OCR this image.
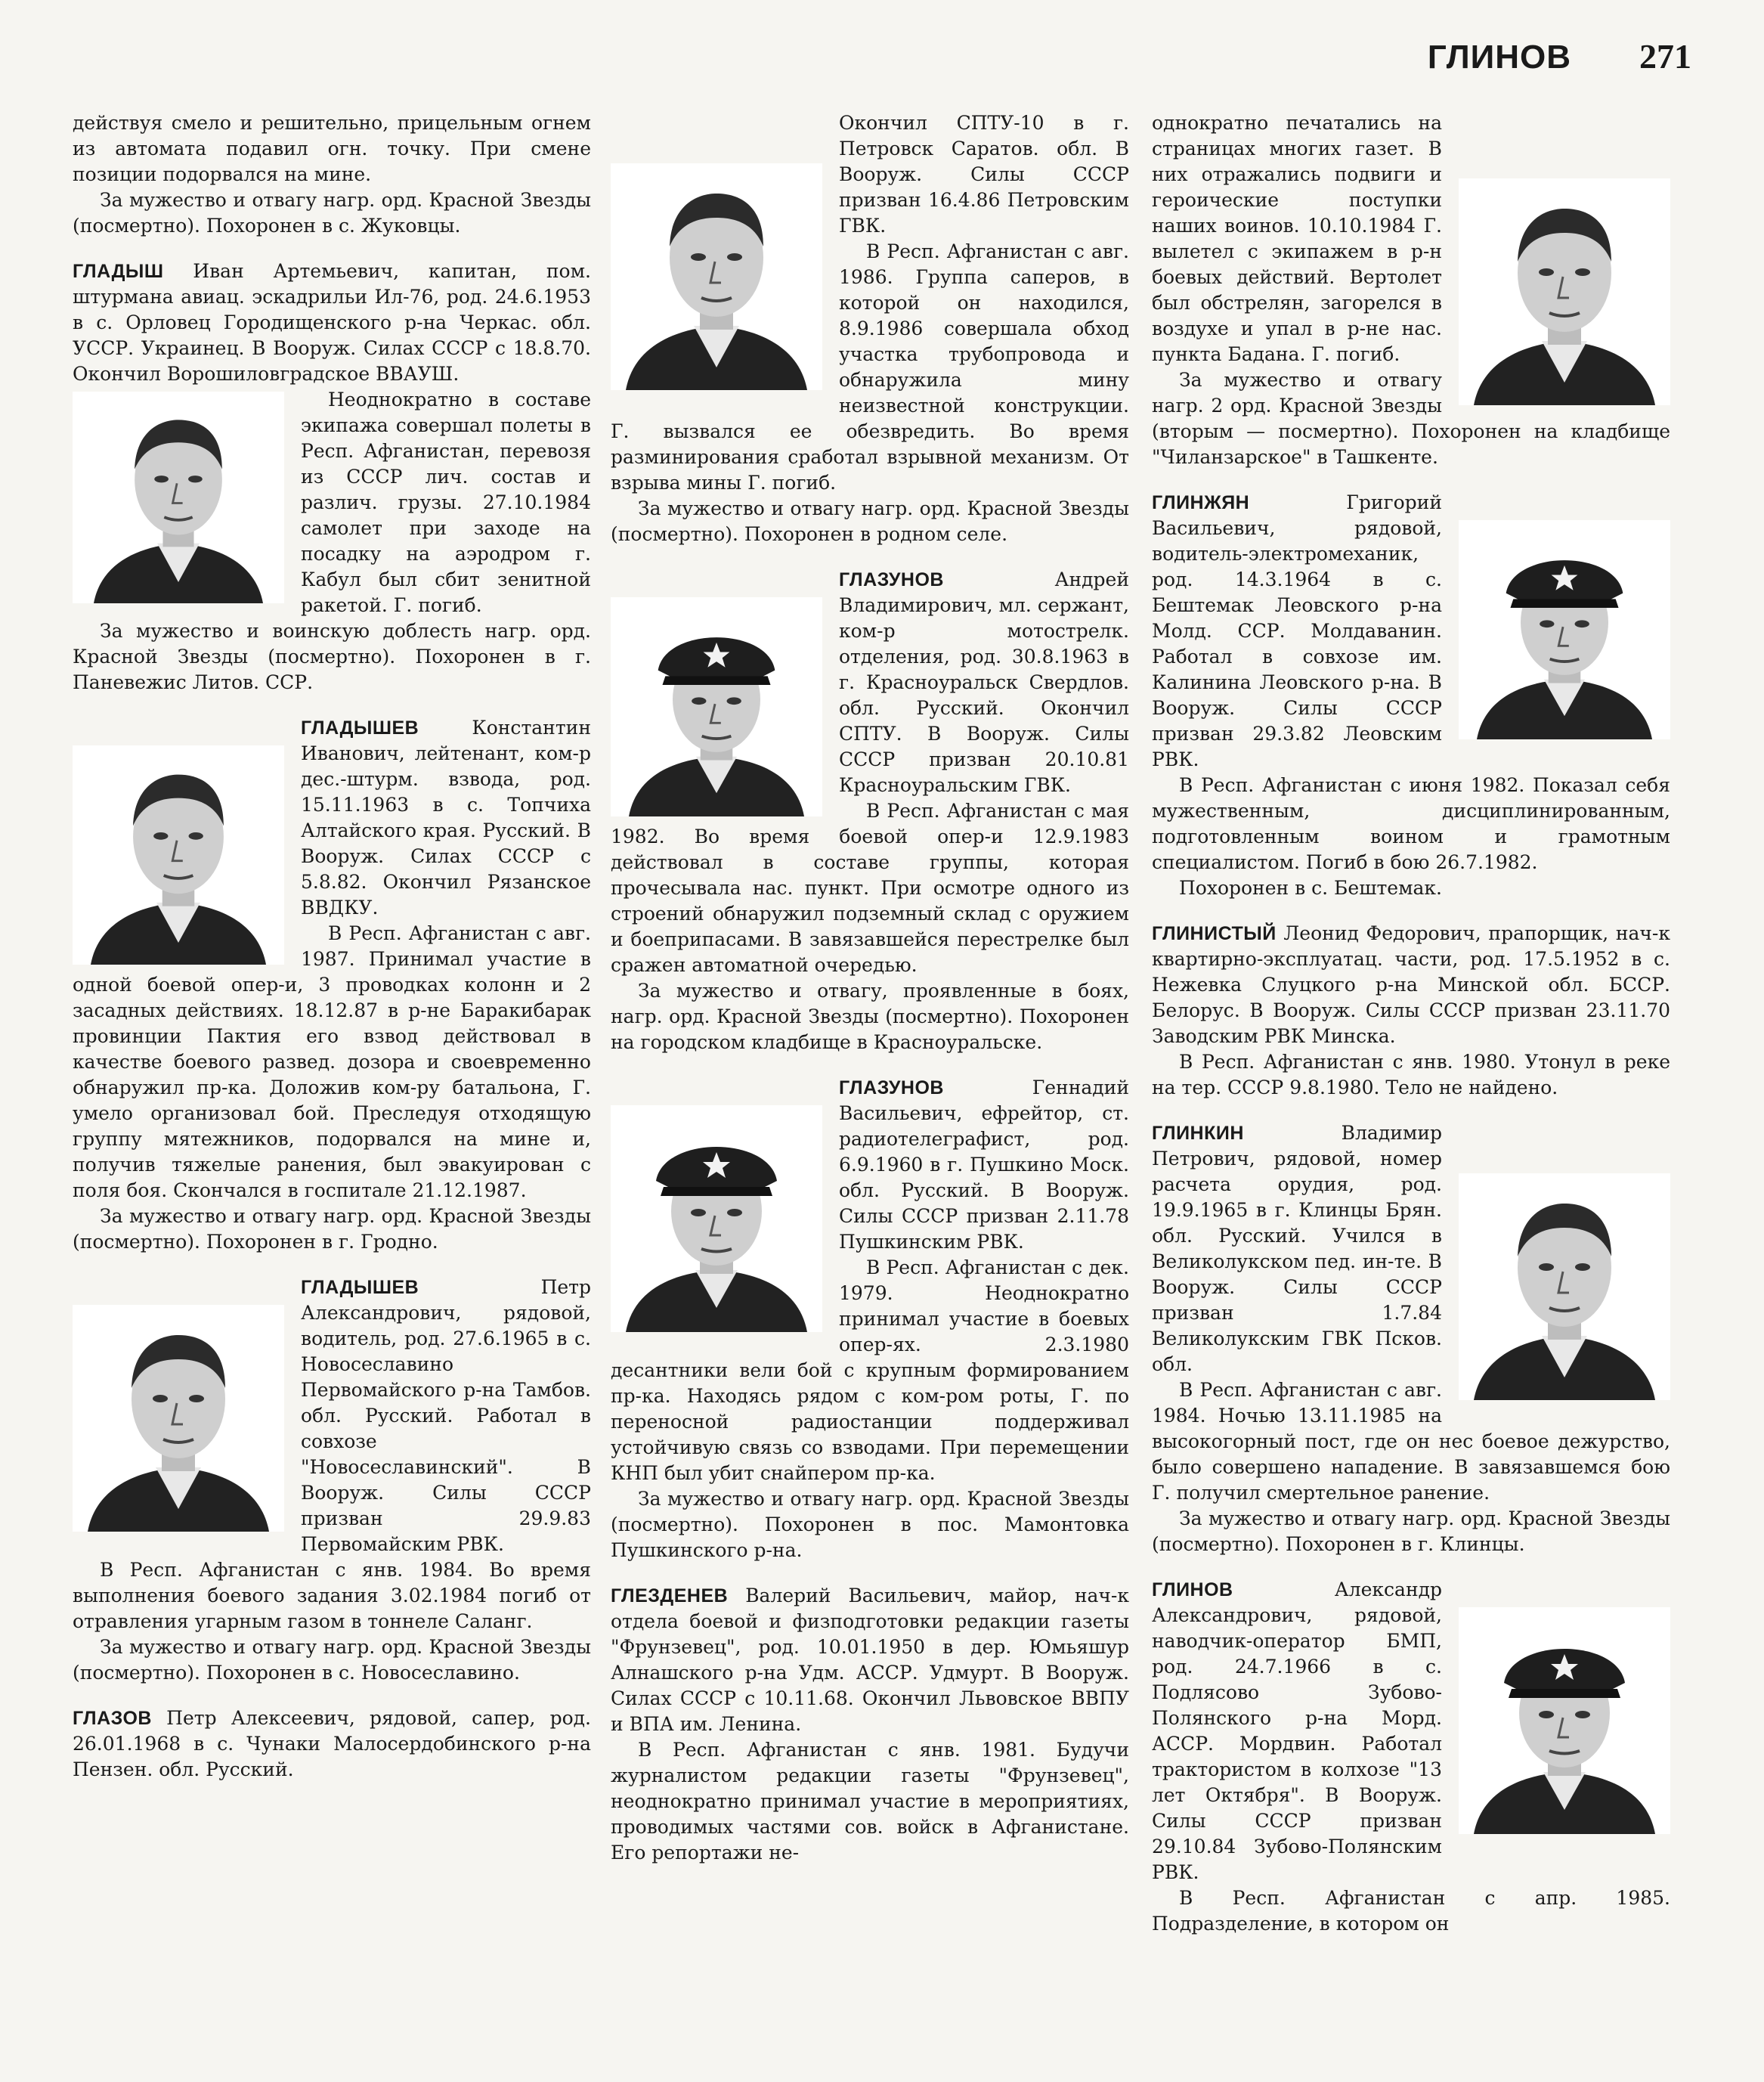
ГЛИНОВ 271

действуя смело и решительно, прицельным огнем из автомата подавил огн. точку. При смене позиции подорвался на мине.

За мужество и отвагу нагр. орд. Красной Звезды (посмертно). Похоронен в с. Жуковцы.

ГЛАДЫШ Иван Артемьевич, капитан, пом. штурмана авиац. эскадрильи Ил-76, род. 24.6.1953 в с. Орловец Городищенского р-на Черкас. обл. УССР. Украинец. В Вооруж. Силах СССР с 18.8.70. Окончил Ворошиловградское ВВАУШ.

Неоднократно в составе экипажа совершал полеты в Респ. Афганистан, перевозя из СССР лич. состав и различ. грузы. 27.10.1984 самолет при заходе на посадку на аэродром г. Кабул был сбит зенитной ракетой. Г. погиб.

За мужество и воинскую доблесть нагр. орд. Красной Звезды (посмертно). Похоронен в г. Паневежис Литов. ССР.

ГЛАДЫШЕВ	Константин Иванович, лейтенант, ком-р дес.-штурм. взвода, род. 15.11.1963 в с. Топчиха Алтайского края. Русский. В Вооруж. Силах СССР с 5.8.82. Окончил Рязанское ВВДКУ.

В Респ. Афганистан с авг. 1987. Принимал участие в одной боевой опер-и, 3 проводках колонн и 2 засадных действиях. 18.12.87 в р-не Баракибарак провинции Пактия его взвод действовал в качестве боевого развед. дозора и своевременно обнаружил пр-ка. Доложив ком-ру батальона, Г. умело организовал бой. Преследуя отходящую группу мятежников, подорвался на мине и, получив тяжелые ранения, был эвакуирован с поля боя. Скончался в госпитале 21.12.1987.

За мужество и отвагу нагр. орд. Красной Звезды (посмертно). Похоронен в г. Гродно.

ГЛАДЫШЕВ	Петр Александрович, рядовой, водитель, род. 27.6.1965 в с. Новосеславино Первомайского р-на Тамбов. обл. Русский. Работал в совхозе "Новосеславинский". В Вооруж. Силы СССР призван 29.9.83 Первомайским РВК.

В Респ. Афганистан с янв. 1984. Во время выполнения боевого задания 3.02.1984 погиб от отравления угарным газом в тоннеле Саланг.

За мужество и отвагу нагр. орд. Красной Звезды (посмертно). Похоронен в с. Новосеславино.

ГЛАЗОВ Петр Алексеевич, рядовой, сапер, род. 26.01.1968 в с. Чунаки Малосердобинского р-на Пензен. обл. Русский.

Окончил СПТУ-10 в г. Петровск Саратов. обл. В Вооруж. Силы СССР призван 16.4.86 Петровским ГВК.

В Респ. Афганистан с авг. 1986. Группа саперов, в которой он находился, 8.9.1986 совершала обход участка трубопровода и обнаружила мину неизвестной конструкции. Г. вызвался ее обезвредить. Во время разминирования сработал взрывной механизм. От взрыва мины Г. погиб.

За мужество и отвагу нагр. орд. Красной Звезды (посмертно). Похоронен в родном селе.

ГЛАЗУНОВ	Андрей Владимирович, мл. сержант, ком-р мотострелк. отделения, род. 30.8.1963 в г. Красноуральск Свердлов. обл. Русский. Окончил СПТУ. В Вооруж. Силы СССР призван 20.10.81 Красноуральским ГВК.

В Респ. Афганистан с мая 1982. Во время боевой опер-и 12.9.1983 действовал в составе группы, которая прочесывала нас. пункт. При осмотре одного из строений обнаружил подземный склад с оружием и боеприпасами. В завязавшейся перестрелке был сражен автоматной очередью.

За мужество и отвагу, проявленные в боях, нагр. орд. Красной Звезды (посмертно). Похоронен на городском кладбище в Красноуральске.

ГЛАЗУНОВ	Геннадий Васильевич, ефрейтор, ст. радиотелеграфист, род. 6.9.1960 в г. Пушкино Моск. обл. Русский. В Вооруж. Силы СССР призван 2.11.78 Пушкинским РВК.

В Респ. Афганистан с дек. 1979. Неоднократно принимал участие в боевых опер-ях. 2.3.1980 десантники вели бой с крупным формированием пр-ка. Находясь рядом с ком-ром роты, Г. по переносной радиостанции поддерживал устойчивую связь со взводами. При перемещении КНП был убит снайпером пр-ка.

За мужество и отвагу нагр. орд. Красной Звезды (посмертно). Похоронен в пос. Мамонтовка Пушкинского р-на.

ГЛЕЗДЕНЕВ Валерий Васильевич, майор, нач-к отдела боевой и физподготовки редакции газеты "Фрунзевец", род. 10.01.1950 в дер. Юмьяшур Алнашского р-на Удм. АССР. Удмурт. В Вооруж. Силах СССР с 10.11.68. Окончил Львовское ВВПУ и ВПА им. Ленина.

В Респ. Афганистан с янв. 1981. Будучи журналистом редакции газеты "Фрунзевец", неоднократно принимал участие в мероприятиях, проводимых частями сов. войск в Афганистане. Его репортажи не-

однократно печатались на страницах многих газет. В них отражались подвиги и героические поступки наших воинов. 10.10.1984 Г. вылетел с экипажем в р-н боевых действий. Вертолет был обстрелян, загорелся в воздухе и упал в р-не нас. пункта Бадана. Г. погиб.

За мужество и отвагу нагр. 2 орд. Красной Звезды (вторым — посмертно). Похоронен на кладбище "Чиланзарское" в Ташкенте.

ГЛИНЖЯН	Григорий Васильевич, рядовой, водитель-электромеханик, род. 14.3.1964 в с. Бештемак Леовского р-на Молд. ССР. Молдаванин. Работал в совхозе им. Калинина Леовского р-на. В Вооруж. Силы СССР призван 29.3.82 Леовским РВК.

В Респ. Афганистан с июня 1982. Показал себя мужественным, дисциплинированным, подготовленным воином и грамотным специалистом. Погиб в бою 26.7.1982.

Похоронен в с. Бештемак.

ГЛИНИСТЫЙ Леонид Федорович, прапорщик, нач-к квартирно-эксплуатац. части, род. 17.5.1952 в с. Нежевка Слуцкого р-на Минской обл. БССР. Белорус. В Вооруж. Силы СССР призван 23.11.70 Заводским РВК Минска.

В Респ. Афганистан с янв. 1980. Утонул в реке на тер. СССР 9.8.1980. Тело не найдено.

ГЛИНКИН	Владимир Петрович, рядовой, номер расчета орудия, род. 19.9.1965 в г. Клинцы Брян. обл. Русский. Учился в Великолукском пед. ин-те. В Вооруж. Силы СССР призван 1.7.84 Великолукским ГВК Псков. обл.

В Респ. Афганистан с авг. 1984. Ночью 13.11.1985 на высокогорный пост, где он нес боевое дежурство, было совершено нападение. В завязавшемся бою Г. получил смертельное ранение.

За мужество и отвагу нагр. орд. Красной Звезды (посмертно). Похоронен в г. Клинцы.

ГЛИНОВ	Александр Александрович, рядовой, наводчик-оператор БМП, род. 24.7.1966 в с. Подлясово Зубово-Полянского р-на Морд. АССР. Мордвин. Работал трактористом в колхозе "13 лет Октября". В Вооруж. Силы СССР призван 29.10.84 Зубово-Полянским РВК.

В Респ. Афганистан с апр. 1985. Подразделение, в котором он
